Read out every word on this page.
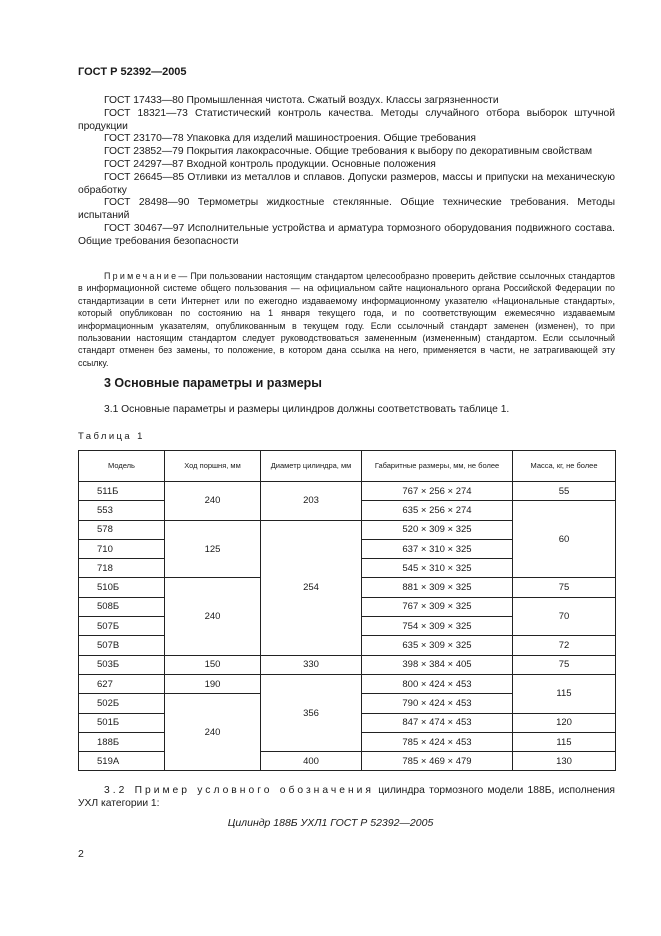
ГОСТ Р 52392—2005

ГОСТ 17433—80 Промышленная чистота. Сжатый воздух. Классы загрязненности

ГОСТ 18321—73 Статистический контроль качества. Методы случайного отбора выборок штучной продукции

ГОСТ 23170—78 Упаковка для изделий машиностроения. Общие требования

ГОСТ 23852—79 Покрытия лакокрасочные. Общие требования к выбору по декоративным свойствам

ГОСТ 24297—87 Входной контроль продукции. Основные положения

ГОСТ 26645—85 Отливки из металлов и сплавов. Допуски размеров, массы и припуски на механическую обработку

ГОСТ 28498—90 Термометры жидкостные стеклянные. Общие технические требования. Методы испытаний

ГОСТ 30467—97 Исполнительные устройства и арматура тормозного оборудования подвижного состава. Общие требования безопасности

Примечание— При пользовании настоящим стандартом целесообразно проверить действие ссылочных стандартов в информационной системе общего пользования — на официальном сайте национального органа Российской Федерации по стандартизации в сети Интернет или по ежегодно издаваемому информационному указателю «Национальные стандарты», который опубликован по состоянию на 1 января текущего года, и по соответствующим ежемесячно издаваемым информационным указателям, опубликованным в текущем году. Если ссылочный стандарт заменен (изменен), то при пользовании настоящим стандартом следует руководствоваться замененным (измененным) стандартом. Если ссылочный стандарт отменен без замены, то положение, в котором дана ссылка на него, применяется в части, не затрагивающей эту ссылку.

3 Основные параметры и размеры
3.1 Основные параметры и размеры цилиндров должны соответствовать таблице 1.
Таблица 1
Модель	Ход поршня, мм	Диаметр цилиндра, мм	Габаритные размеры, мм, не более	Масса, кг, не более
511Б	240	203	767 × 256 × 274	55
553			635 × 256 × 274	60
578	125	254	520 × 309 × 325	
710			637 × 310 × 325	
718			545 × 310 × 325	
510Б	240		881 × 309 × 325	75
508Б			767 × 309 × 325	70
507Б			754 × 309 × 325	
507В			635 × 309 × 325	72
503Б	150	330	398 × 384 × 405	75
627	190	356	800 × 424 × 453	115
502Б	240		790 × 424 × 453	
501Б			847 × 474 × 453	120
188Б			785 × 424 × 453	115
519А		400	785 × 469 × 479	130
3.2 Пример условного обозначения цилиндра тормозного модели 188Б, исполнения УХЛ категории 1:
Цилиндр 188Б УХЛ1 ГОСТ Р 52392—2005
2
